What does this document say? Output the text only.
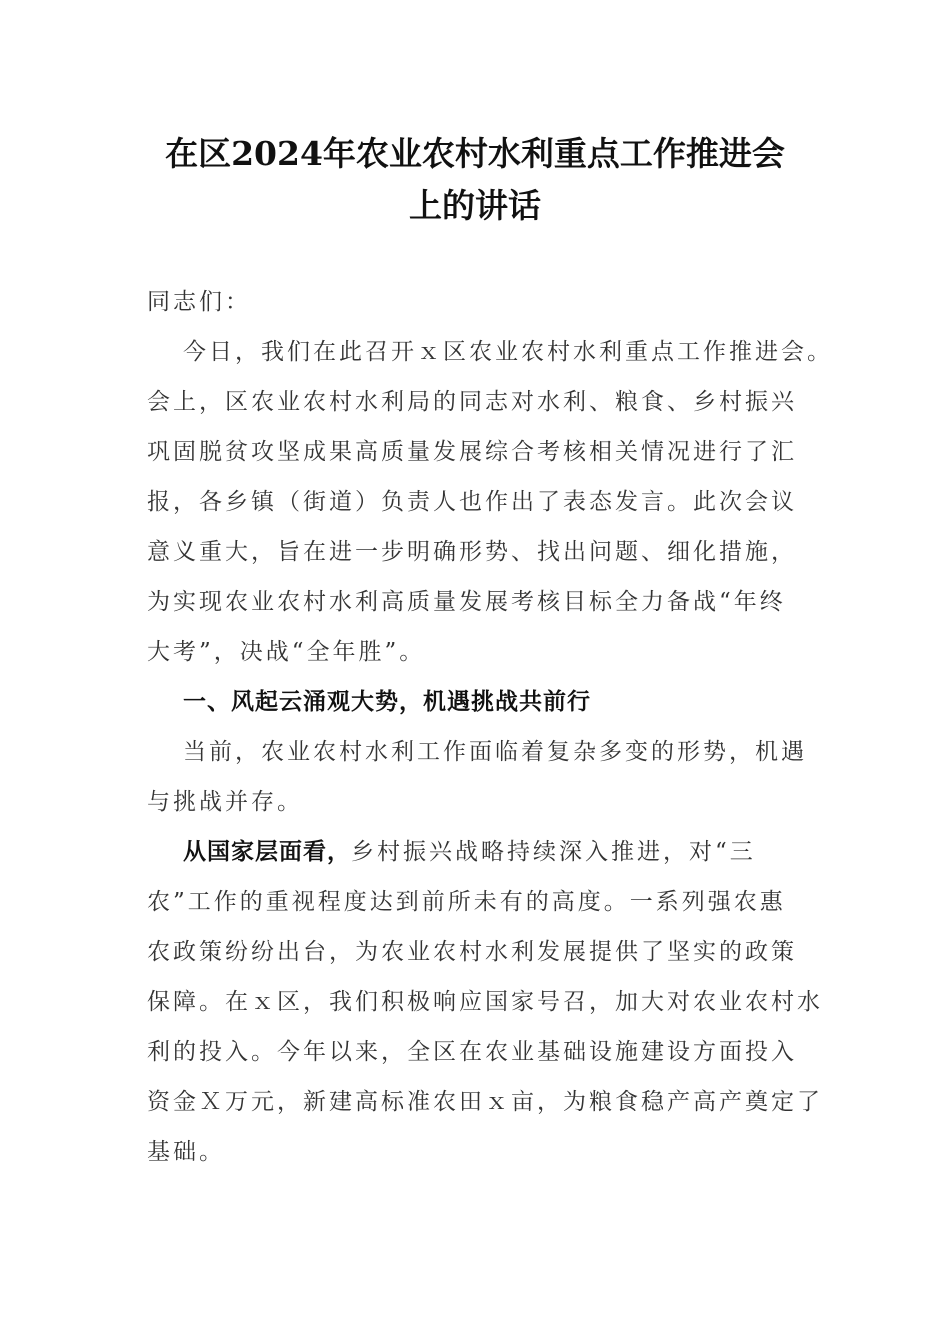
在区2024年农业农村水利重点工作推进会
上的讲话
同志们：
今日，我们在此召开ｘ区农业农村水利重点工作推进会。
会上，区农业农村水利局的同志对水利、粮食、乡村振兴
巩固脱贫攻坚成果高质量发展综合考核相关情况进行了汇
报，各乡镇（街道）负责人也作出了表态发言。此次会议
意义重大，旨在进一步明确形势、找出问题、细化措施，
为实现农业农村水利高质量发展考核目标全力备战“年终
大考”，决战“全年胜”。
一、风起云涌观大势，机遇挑战共前行
当前，农业农村水利工作面临着复杂多变的形势，机遇
与挑战并存。
从国家层面看，乡村振兴战略持续深入推进，对“三
农”工作的重视程度达到前所未有的高度。一系列强农惠
农政策纷纷出台，为农业农村水利发展提供了坚实的政策
保障。在ｘ区，我们积极响应国家号召，加大对农业农村水
利的投入。今年以来，全区在农业基础设施建设方面投入
资金Ｘ万元，新建高标准农田ｘ亩，为粮食稳产高产奠定了
基础。
